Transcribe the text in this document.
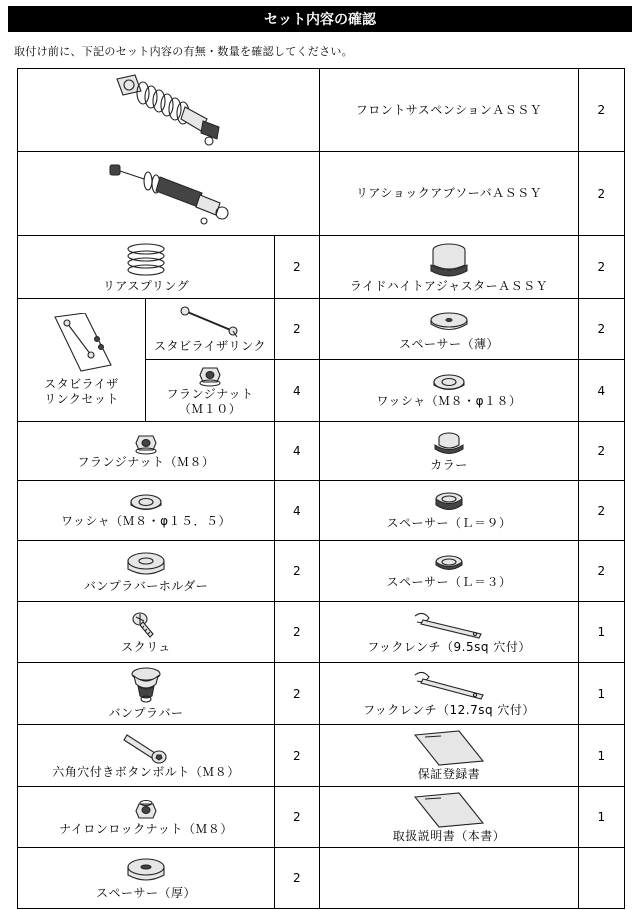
セット内容の確認
取付け前に、下記のセット内容の有無・数量を確認してください。
	フロントサスペンションＡＳＳＹ	2

	リアショックアブソーバＡＳＳＹ	2

リアスプリング		2	ライドハイトアジャスターＡＳＳＹ	2

スタビライザ
リンクセット	スタビライザリンク	2	スペーサー（薄）	2

	フランジナット
（Ｍ１０）	4	ワッシャ（Ｍ８・φ１８）	4

フランジナット（Ｍ８）		4	カラー	2

ワッシャ（Ｍ８・φ１５．５）		4	スペーサー（Ｌ＝９）	2

バンプラバーホルダー		2	スペーサー（Ｌ＝３）	2

スクリュ		2	フックレンチ（9.5sq 穴付）	1

バンプラバー		2	フックレンチ（12.7sq 穴付）	1

六角穴付きボタンボルト（Ｍ８）		2	保証登録書	1

ナイロンロックナット（Ｍ８）		2	取扱説明書（本書）	1

スペーサー（厚）		2		
